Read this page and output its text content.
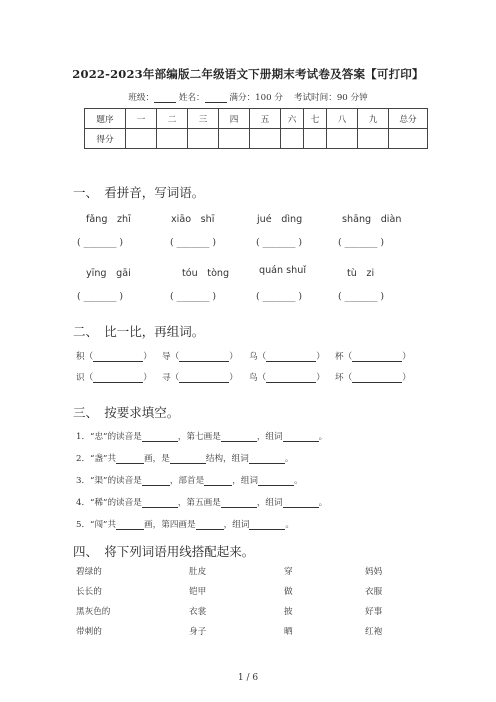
2022-2023年部编版二年级语文下册期末考试卷及答案【可打印】
班级：	姓名：	满分：100 分 考试时间：90 分钟
题序	一	二	三	四	五	六	七	八	九	总分
得分										
一、　看拼音，写词语。
fǎng　zhī	xiāo　shī	jué　dìng	shāng　diàn
( _______ )	( _______ )	( _______ )	( _______ )
yīng　gāi	tóu　tòng	quán shuǐ	tù　zi
( _______ )	( _______ )	( _______ )	( _______ )
二、　比一比，再组词。
积（	） 导（	） 乌（	） 杯（	）
识（	） 寻（	） 鸟（	） 坏（	）
三、　按要求填空。
1．“忠”的读音是	，第七画是	，组词	。
2．“盏”共	画，是	结构，组词	。
3．“渠”的读音是	，部首是	，组词	。
4．“稀”的读音是	，第五画是	，组词	。
5．“闯”共	画，第四画是	，组词	。
四、　将下列词语用线搭配起来。
碧绿的	肚皮	穿	妈妈
长长的	铠甲	做	衣服
黑灰色的	衣裳	披	好事
带刺的	身子	晒	红袍
1 / 6
